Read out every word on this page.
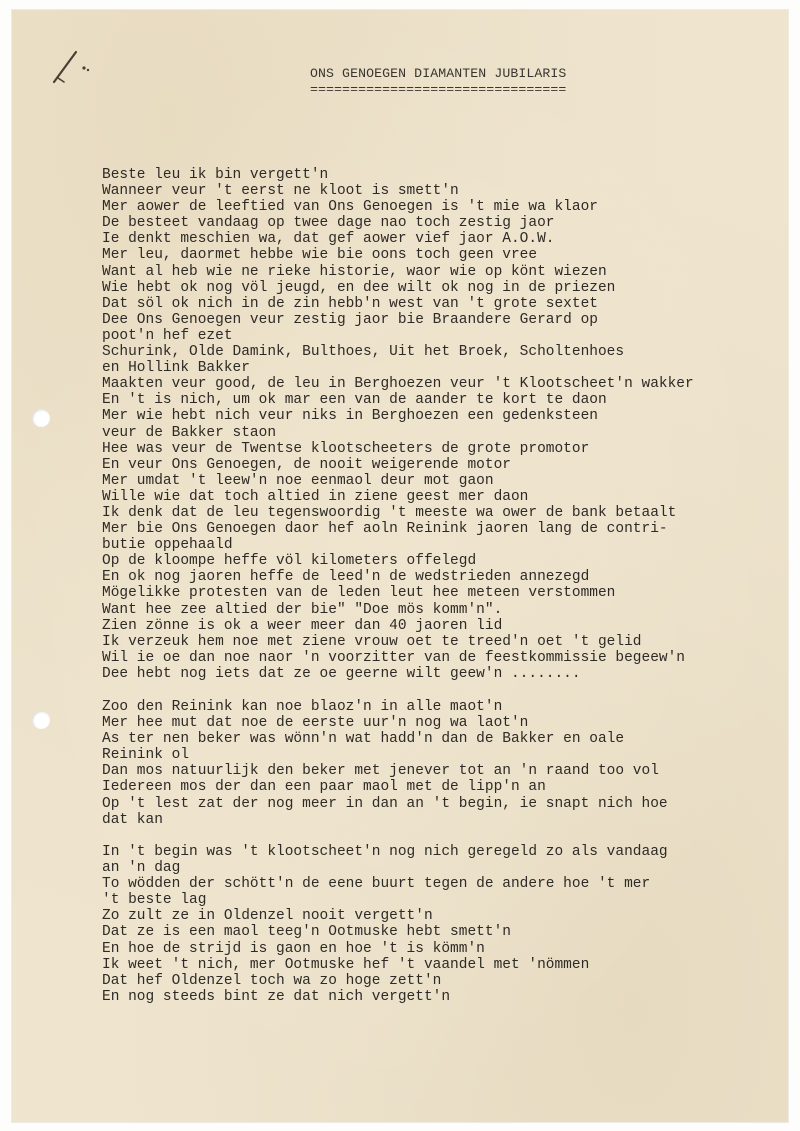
ONS GENOEGEN DIAMANTEN JUBILARIS
================================
Beste leu ik bin vergett'n
Wanneer veur 't eerst ne kloot is smett'n
Mer aower de leeftied van Ons Genoegen is 't mie wa klaor
De besteet vandaag op twee dage nao toch zestig jaor
Ie denkt meschien wa, dat gef aower vief jaor A.O.W.
Mer leu, daormet hebbe wie bie oons toch geen vree
Want al heb wie ne rieke historie, waor wie op könt wiezen
Wie hebt ok nog völ jeugd, en dee wilt ok nog in de priezen
Dat söl ok nich in de zin hebb'n west van 't grote sextet
Dee Ons Genoegen veur zestig jaor bie Braandere Gerard op
poot'n hef ezet
Schurink, Olde Damink, Bulthoes, Uit het Broek, Scholtenhoes
en Hollink Bakker
Maakten veur good, de leu in Berghoezen veur 't Klootscheet'n wakker
En 't is nich, um ok mar een van de aander te kort te daon
Mer wie hebt nich veur niks in Berghoezen een gedenksteen
veur de Bakker staon
Hee was veur de Twentse klootscheeters de grote promotor
En veur Ons Genoegen, de nooit weigerende motor
Mer umdat 't leew'n noe eenmaol deur mot gaon
Wille wie dat toch altied in ziene geest mer daon
Ik denk dat de leu tegenswoordig 't meeste wa ower de bank betaalt
Mer bie Ons Genoegen daor hef aoln Reinink jaoren lang de contri-
butie oppehaald
Op de kloompe heffe völ kilometers offelegd
En ok nog jaoren heffe de leed'n de wedstrieden annezegd
Mögelikke protesten van de leden leut hee meteen verstommen
Want hee zee altied der bie" "Doe mös komm'n".
Zien zönne is ok a weer meer dan 40 jaoren lid
Ik verzeuk hem noe met ziene vrouw oet te treed'n oet 't gelid
Wil ie oe dan noe naor 'n voorzitter van de feestkommissie begeew'n
Dee hebt nog iets dat ze oe geerne wilt geew'n ........
Zoo den Reinink kan noe blaoz'n in alle maot'n
Mer hee mut dat noe de eerste uur'n nog wa laot'n
As ter nen beker was wönn'n wat hadd'n dan de Bakker en oale
Reinink ol
Dan mos natuurlijk den beker met jenever tot an 'n raand too vol
Iedereen mos der dan een paar maol met de lipp'n an
Op 't lest zat der nog meer in dan an 't begin, ie snapt nich hoe
dat kan
In 't begin was 't klootscheet'n nog nich geregeld zo als vandaag
an 'n dag
To wödden der schött'n de eene buurt tegen de andere hoe 't mer
't beste lag
Zo zult ze in Oldenzel nooit vergett'n
Dat ze is een maol teeg'n Ootmuske hebt smett'n
En hoe de strijd is gaon en hoe 't is kömm'n
Ik weet 't nich, mer Ootmuske hef 't vaandel met 'nömmen
Dat hef Oldenzel toch wa zo hoge zett'n
En nog steeds bint ze dat nich vergett'n
